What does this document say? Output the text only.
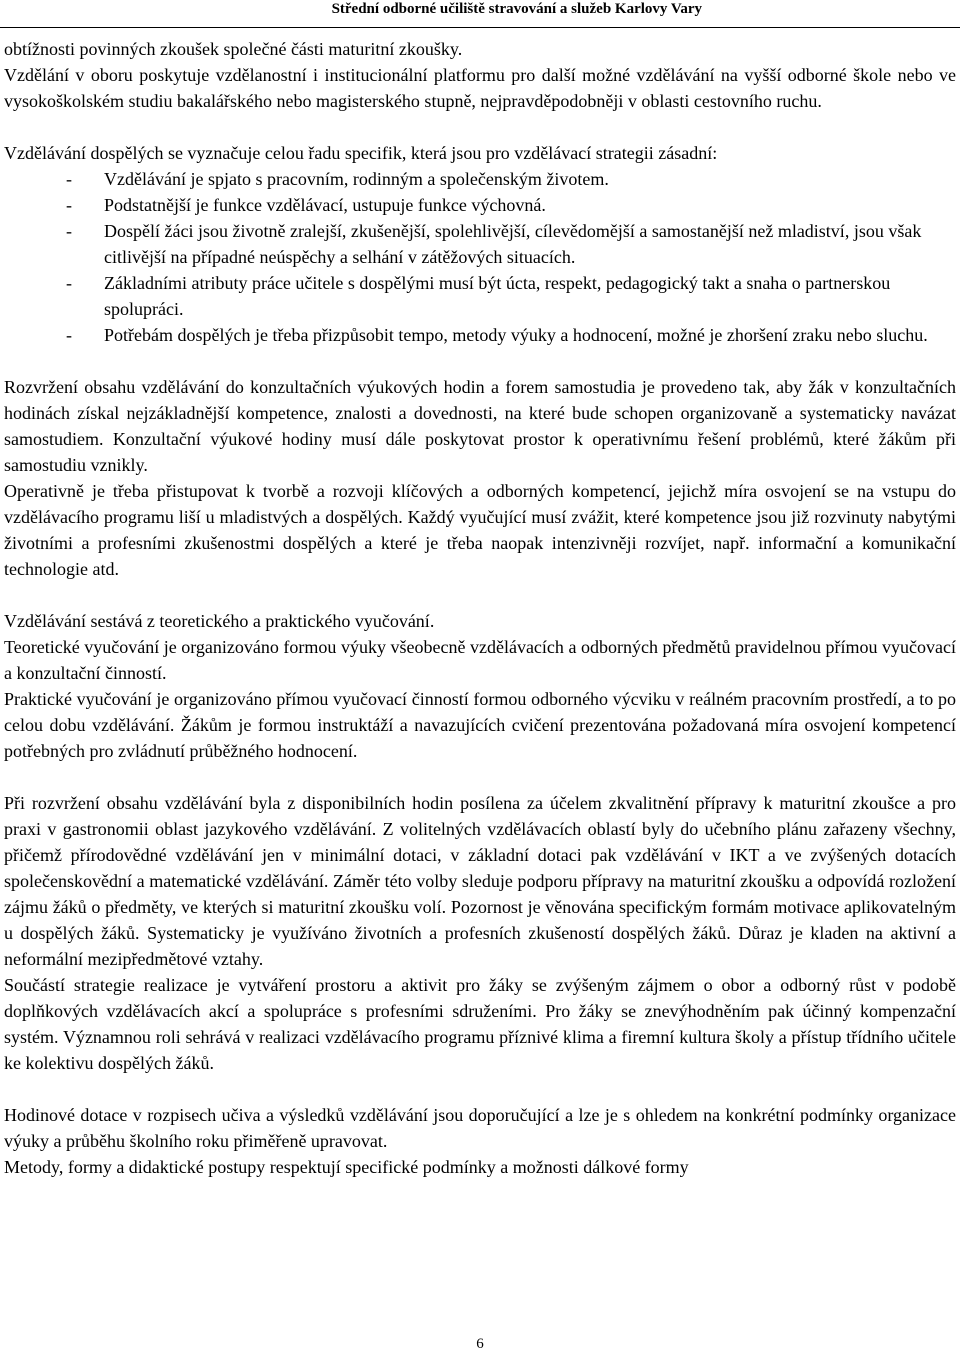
Střední odborné učiliště stravování a služeb Karlovy Vary

obtížnosti povinných zkoušek společné části maturitní zkoušky.

Vzdělání v oboru poskytuje vzdělanostní i institucionální platformu pro další možné vzdělávání na vyšší odborné škole nebo ve vysokoškolském studiu bakalářského nebo magisterského stupně, nejpravděpodobněji v oblasti cestovního ruchu.

Vzdělávání dospělých se vyznačuje celou řadu specifik, která jsou pro vzdělávací strategii zásadní:

- Vzdělávání je spjato s pracovním, rodinným a společenským životem.
- Podstatnější je funkce vzdělávací, ustupuje funkce výchovná.
- Dospělí žáci jsou životně zralejší, zkušenější, spolehlivější, cílevědomější a samostanější než mladiství, jsou však citlivější na případné neúspěchy a selhání v zátěžových situacích.
- Základními atributy práce učitele s dospělými musí být úcta, respekt, pedagogický takt a snaha o partnerskou spolupráci.
- Potřebám dospělých je třeba přizpůsobit tempo, metody výuky a hodnocení, možné je zhoršení zraku nebo sluchu.

Rozvržení obsahu vzdělávání do konzultačních výukových hodin a forem samostudia je provedeno tak, aby žák v konzultačních hodinách získal nejzákladnější kompetence, znalosti a dovednosti, na které bude schopen organizovaně a systematicky navázat samostudiem. Konzultační výukové hodiny musí dále poskytovat prostor k operativnímu řešení problémů, které žákům při samostudiu vznikly.

Operativně je třeba přistupovat k tvorbě a rozvoji klíčových a odborných kompetencí, jejichž míra osvojení se na vstupu do vzdělávacího programu liší u mladistvých a dospělých. Každý vyučující musí zvážit, které kompetence jsou již rozvinuty nabytými životními a profesními zkušenostmi dospělých a které je třeba naopak intenzivněji rozvíjet, např. informační a komunikační technologie atd.

Vzdělávání sestává z teoretického a praktického vyučování.

Teoretické vyučování je organizováno formou výuky všeobecně vzdělávacích a odborných předmětů pravidelnou přímou vyučovací a konzultační činností.

Praktické vyučování je organizováno přímou vyučovací činností formou odborného výcviku v reálném pracovním prostředí, a to po celou dobu vzdělávání. Žákům je formou instruktáží a navazujících cvičení prezentována požadovaná míra osvojení kompetencí potřebných pro zvládnutí průběžného hodnocení.

Při rozvržení obsahu vzdělávání byla z disponibilních hodin posílena za účelem zkvalitnění přípravy k maturitní zkoušce a pro praxi v gastronomii oblast jazykového vzdělávání. Z volitelných vzdělávacích oblastí byly do učebního plánu zařazeny všechny, přičemž přírodovědné vzdělávání jen v minimální dotaci, v základní dotaci pak vzdělávání v IKT a ve zvýšených dotacích společenskovědní a matematické vzdělávání. Záměr této volby sleduje podporu přípravy na maturitní zkoušku a odpovídá rozložení zájmu žáků o předměty, ve kterých si maturitní zkoušku volí. Pozornost je věnována specifickým formám motivace aplikovatelným u dospělých žáků. Systematicky je využíváno životních a profesních zkušeností dospělých žáků. Důraz je kladen na aktivní a neformální mezipředmětové vztahy.

Součástí strategie realizace je vytváření prostoru a aktivit pro žáky se zvýšeným zájmem o obor a odborný růst v podobě doplňkových vzdělávacích akcí a spolupráce s profesními sdruženími. Pro žáky se znevýhodněním pak účinný kompenzační systém. Významnou roli sehrává v realizaci vzdělávacího programu příznivé klima a firemní kultura školy a přístup třídního učitele ke kolektivu dospělých žáků.

Hodinové dotace v rozpisech učiva a výsledků vzdělávání jsou doporučující a lze je s ohledem na konkrétní podmínky organizace výuky a průběhu školního roku přiměřeně upravovat.

Metody, formy a didaktické postupy respektují specifické podmínky a možnosti dálkové formy

6
